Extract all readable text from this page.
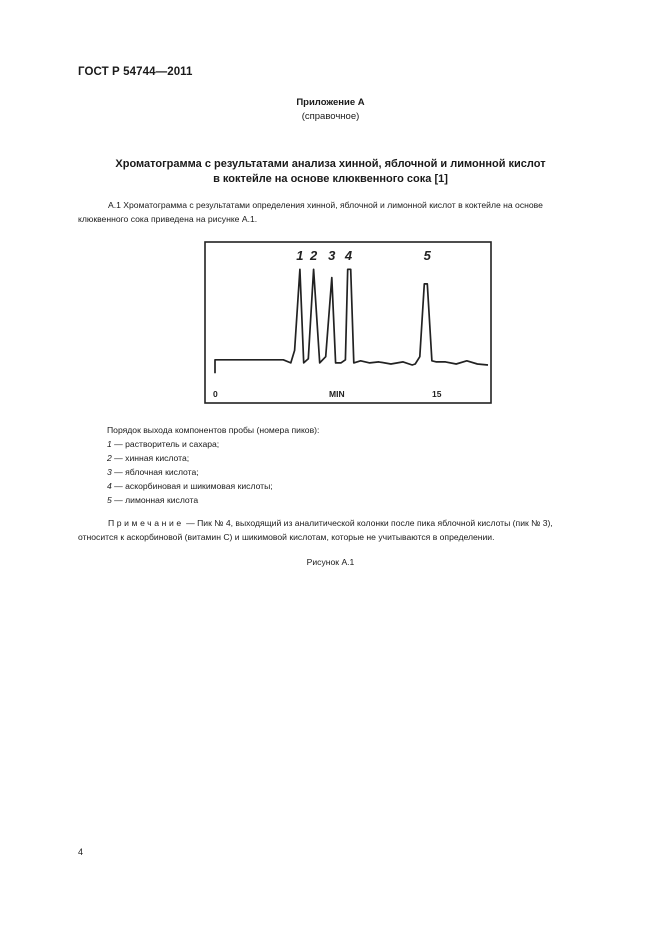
ГОСТ Р 54744—2011
Приложение А
(справочное)
Хроматограмма с результатами анализа хинной, яблочной и лимонной кислот
в коктейле на основе клюквенного сока [1]
А.1 Хроматограмма с результатами определения хинной, яблочной и лимонной кислот в коктейле на основе
клюквенного сока приведена на рисунке А.1.
1 2 3 4	5
0	MIN	15
Порядок выхода компонентов пробы (номера пиков):
1 — растворитель и сахара;
2 — хинная кислота;
3 — яблочная кислота;
4 — аскорбиновая и шикимовая кислоты;
5 — лимонная кислота
Примечание — Пик № 4, выходящий из аналитической колонки после пика яблочной кислоты (пик № 3),
относится к аскорбиновой (витамин С) и шикимовой кислотам, которые не учитываются в определении.
Рисунок А.1
4
